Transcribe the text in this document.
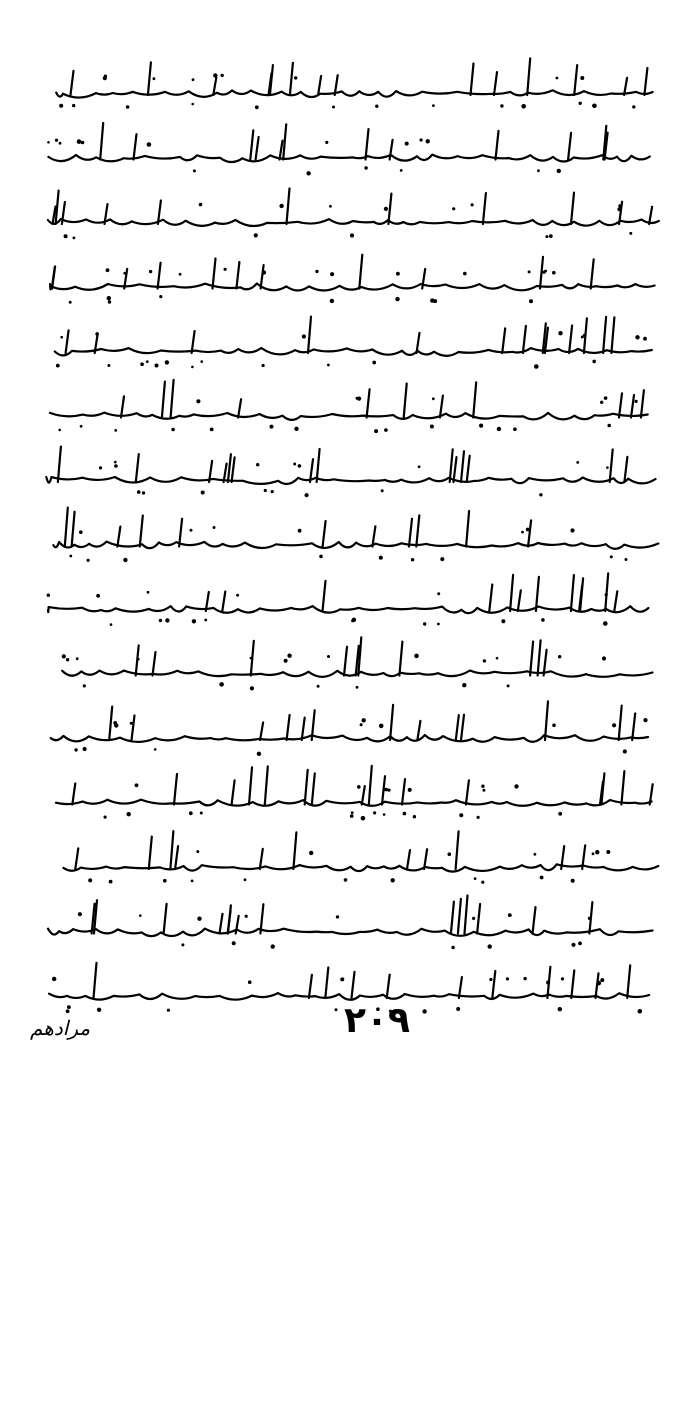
٢٠٩
ﻣﺮﺍﺩﻫﻢ
